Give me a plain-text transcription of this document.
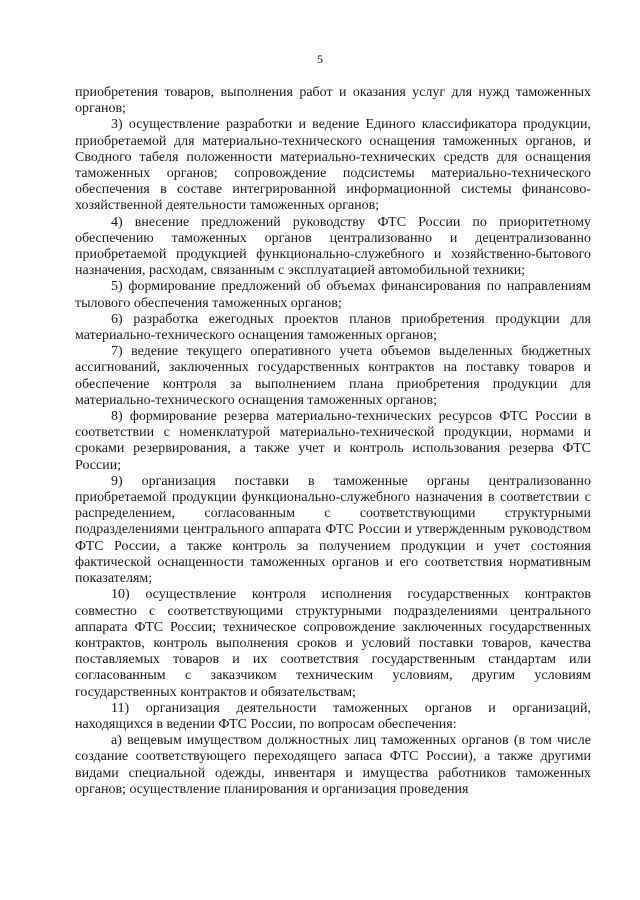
5

приобретения товаров, выполнения работ и оказания услуг для нужд таможенных органов;

3) осуществление разработки и ведение Единого классификатора продукции, приобретаемой для материально-технического оснащения таможенных органов, и Сводного табеля положенности материально-технических средств для оснащения таможенных органов; сопровождение подсистемы материально-технического обеспечения в составе интегрированной информационной системы финансово-хозяйственной деятельности таможенных органов;

4) внесение предложений руководству ФТС России по приоритетному обеспечению таможенных органов централизованно и децентрализованно приобретаемой продукцией функционально-служебного и хозяйственно-бытового назначения, расходам, связанным с эксплуатацией автомобильной техники;

5) формирование предложений об объемах финансирования по направлениям тылового обеспечения таможенных органов;

6) разработка ежегодных проектов планов приобретения продукции для материально-технического оснащения таможенных органов;

7) ведение текущего оперативного учета объемов выделенных бюджетных ассигнований, заключенных государственных контрактов на поставку товаров и обеспечение контроля за выполнением плана приобретения продукции для материально-технического оснащения таможенных органов;

8) формирование резерва материально-технических ресурсов ФТС России в соответствии с номенклатурой материально-технической продукции, нормами и сроками резервирования, а также учет и контроль использования резерва ФТС России;

9) организация поставки в таможенные органы централизованно приобретаемой продукции функционально-служебного назначения в соответствии с распределением, согласованным с соответствующими структурными подразделениями центрального аппарата ФТС России и утвержденным руководством ФТС России, а также контроль за получением продукции и учет состояния фактической оснащенности таможенных органов и его соответствия нормативным показателям;

10) осуществление контроля исполнения государственных контрактов совместно с соответствующими структурными подразделениями центрального аппарата ФТС России; техническое сопровождение заключенных государственных контрактов, контроль выполнения сроков и условий поставки товаров, качества поставляемых товаров и их соответствия государственным стандартам или согласованным с заказчиком техническим условиям, другим условиям государственных контрактов и обязательствам;

11) организация деятельности таможенных органов и организаций, находящихся в ведении ФТС России, по вопросам обеспечения:

а) вещевым имуществом должностных лиц таможенных органов (в том числе создание соответствующего переходящего запаса ФТС России), а также другими видами специальной одежды, инвентаря и имущества работников таможенных органов; осуществление планирования и организация проведения
